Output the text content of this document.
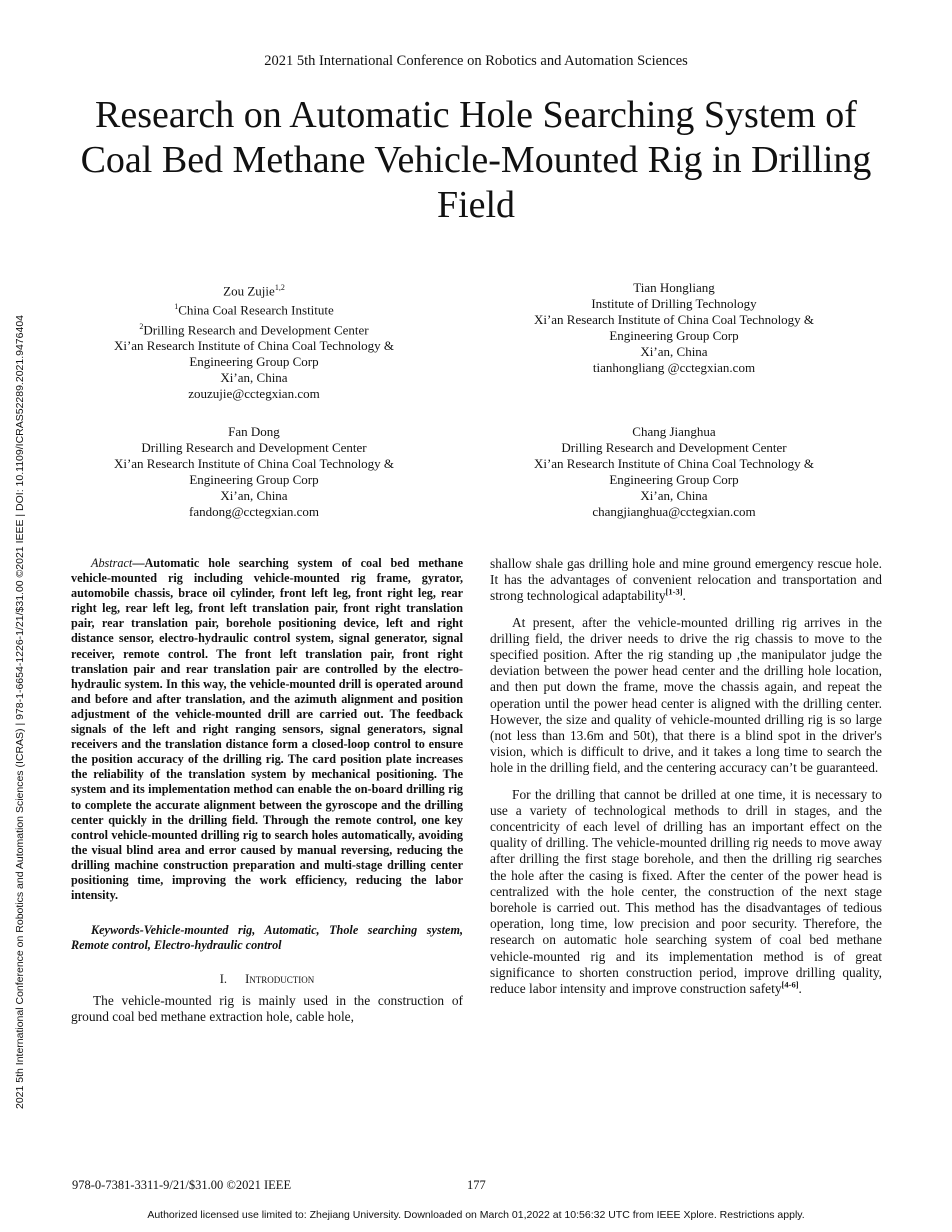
2021 5th International Conference on Robotics and Automation Sciences
Research on Automatic Hole Searching System of Coal Bed Methane Vehicle-Mounted Rig in Drilling Field
Zou Zujie$^{1,2}$
$^1$China Coal Research Institute
$^2$Drilling Research and Development Center
Xi’an Research Institute of China Coal Technology &
Engineering Group Corp
Xi’an, China
zouzujie@cctegxian.com
Tian Hongliang
Institute of Drilling Technology
Xi’an Research Institute of China Coal Technology &
Engineering Group Corp
Xi’an, China
tianhongliang @cctegxian.com
Fan Dong
Drilling Research and Development Center
Xi’an Research Institute of China Coal Technology &
Engineering Group Corp
Xi’an, China
fandong@cctegxian.com
Chang Jianghua
Drilling Research and Development Center
Xi’an Research Institute of China Coal Technology &
Engineering Group Corp
Xi’an, China
changjianghua@cctegxian.com
2021 5th International Conference on Robotics and Automation Sciences (ICRAS) | 978-1-6654-1226-1/21/$31.00 ©2021 IEEE | DOI: 10.1109/ICRAS52289.2021.9476404	Abstract—Automatic hole searching system of coal bed methane vehicle-mounted rig including vehicle-mounted rig frame, gyrator, automobile chassis, brace oil cylinder, front left leg, front right leg, rear right leg, rear left leg, front left translation pair, front right translation pair, rear translation pair, borehole positioning device, left and right distance sensor, electro-hydraulic control system, signal generator, signal receiver, remote control. The front left translation pair, front right translation pair and rear translation pair are controlled by the electro-hydraulic system. In this way, the vehicle-mounted drill is operated around and before and after translation, and the azimuth alignment and position adjustment of the vehicle-mounted drill are carried out. The feedback signals of the left and right ranging sensors, signal generators, signal receivers and the translation distance form a closed-loop control to ensure the position accuracy of the drilling rig. The card position plate increases the reliability of the translation system by mechanical positioning. The system and its implementation method can enable the on-board drilling rig to complete the accurate alignment between the gyroscope and the drilling center quickly in the drilling field. Through the remote control, one key control vehicle-mounted drilling rig to search holes automatically, avoiding the visual blind area and error caused by manual reversing, reducing the drilling machine construction preparation and multi-stage drilling center positioning time, improving the work efficiency, reducing the labor intensity.

Keywords-Vehicle-mounted rig, Automatic, Thole searching system, Remote control, Electro-hydraulic control

I. Introduction

The vehicle-mounted rig is mainly used in the construction of ground coal bed methane extraction hole, cable hole,

shallow shale gas drilling hole and mine ground emergency rescue hole. It has the advantages of convenient relocation and transportation and strong technological adaptability[1-3].

At present, after the vehicle-mounted drilling rig arrives in the drilling field, the driver needs to drive the rig chassis to move to the specified position. After the rig standing up ,the manipulator judge the deviation between the power head center and the drilling hole location, and then put down the frame, move the chassis again, and repeat the operation until the power head center is aligned with the drilling center. However, the size and quality of vehicle-mounted drilling rig is so large (not less than 13.6m and 50t), that there is a blind spot in the driver's vision, which is difficult to drive, and it takes a long time to search the hole in the drilling field, and the centering accuracy can’t be guaranteed.

For the drilling that cannot be drilled at one time, it is necessary to use a variety of technological methods to drill in stages, and the concentricity of each level of drilling has an important effect on the quality of drilling. The vehicle-mounted drilling rig needs to move away after drilling the first stage borehole, and then the drilling rig searches the hole after the casing is fixed. After the center of the power head is centralized with the hole center, the construction of the next stage borehole is carried out. This method has the disadvantages of tedious operation, long time, low precision and poor security. Therefore, the research on automatic hole searching system of coal bed methane vehicle-mounted rig and its implementation method is of great significance to shorten construction period, improve drilling quality, reduce labor intensity and improve construction safety[4-6].

978-0-7381-3311-9/21/$31.00 ©2021 IEEE	177
Authorized licensed use limited to: Zhejiang University. Downloaded on March 01,2022 at 10:56:32 UTC from IEEE Xplore. Restrictions apply.
